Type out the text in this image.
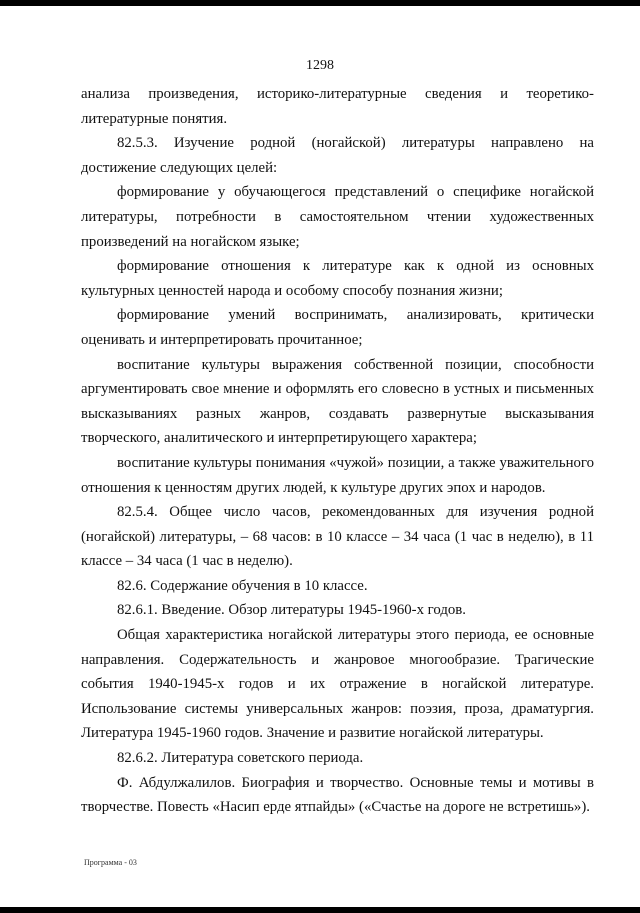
1298

анализа произведения, историко-литературные сведения и теоретико-литературные понятия.

82.5.3. Изучение родной (ногайской) литературы направлено на достижение следующих целей:

формирование у обучающегося представлений о специфике ногайской литературы, потребности в самостоятельном чтении художественных произведений на ногайском языке;

формирование отношения к литературе как к одной из основных культурных ценностей народа и особому способу познания жизни;

формирование умений воспринимать, анализировать, критически оценивать и интерпретировать прочитанное;

воспитание культуры выражения собственной позиции, способности аргументировать свое мнение и оформлять его словесно в устных и письменных высказываниях разных жанров, создавать развернутые высказывания творческого, аналитического и интерпретирующего характера;

воспитание культуры понимания «чужой» позиции, а также уважительного отношения к ценностям других людей, к культуре других эпох и народов.

82.5.4. Общее число часов, рекомендованных для изучения родной (ногайской) литературы, – 68 часов: в 10 классе – 34 часа (1 час в неделю), в 11 классе – 34 часа (1 час в неделю).

82.6. Содержание обучения в 10 классе.

82.6.1. Введение. Обзор литературы 1945-1960-х годов.

Общая характеристика ногайской литературы этого периода, ее основные направления. Содержательность и жанровое многообразие. Трагические события 1940-1945-х годов и их отражение в ногайской литературе. Использование системы универсальных жанров: поэзия, проза, драматургия. Литература 1945-1960 годов. Значение и развитие ногайской литературы.

82.6.2. Литература советского периода.

Ф. Абдулжалилов. Биография и творчество. Основные темы и мотивы в творчестве. Повесть «Насип ерде ятпайды» («Счастье на дороге не встретишь»).

Программа - 03
